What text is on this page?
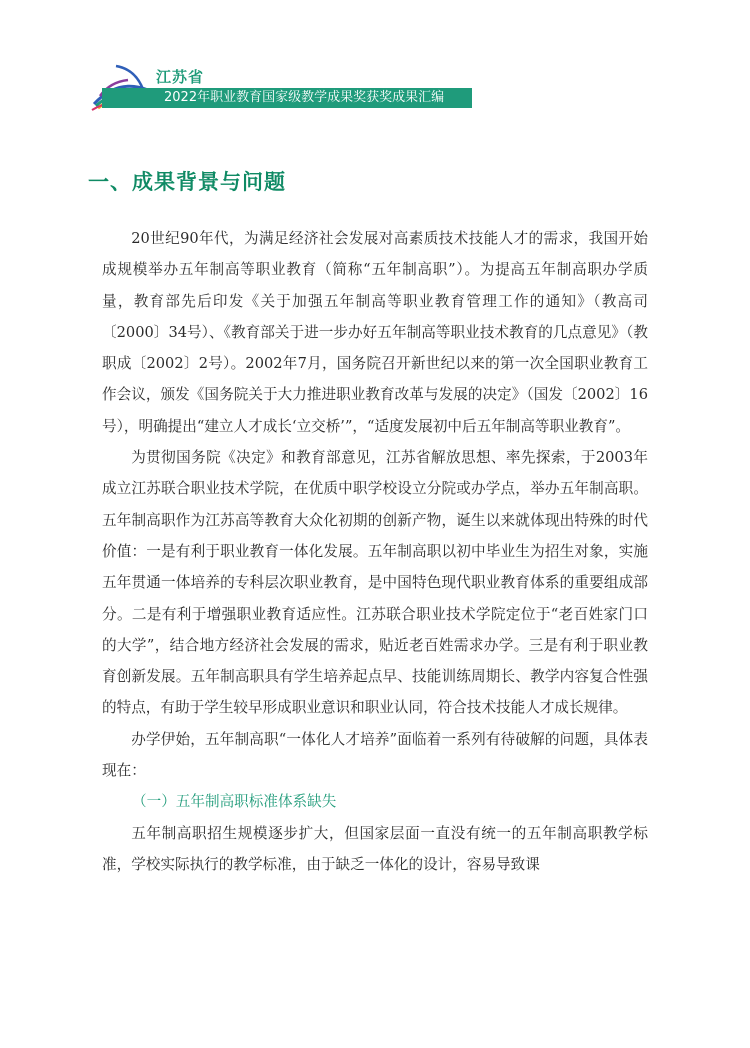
江苏省
2022年职业教育国家级教学成果奖获奖成果汇编
一、成果背景与问题

20世纪90年代，为满足经济社会发展对高素质技术技能人才的需求，我国开始成规模举办五年制高等职业教育（简称“五年制高职”）。为提高五年制高职办学质量，教育部先后印发《关于加强五年制高等职业教育管理工作的通知》（教高司〔2000〕34号）、《教育部关于进一步办好五年制高等职业技术教育的几点意见》（教职成〔2002〕2号）。2002年7月，国务院召开新世纪以来的第一次全国职业教育工作会议，颁发《国务院关于大力推进职业教育改革与发展的决定》（国发〔2002〕16号），明确提出“建立人才成长‘立交桥’”，“适度发展初中后五年制高等职业教育”。

为贯彻国务院《决定》和教育部意见，江苏省解放思想、率先探索，于2003年成立江苏联合职业技术学院，在优质中职学校设立分院或办学点，举办五年制高职。五年制高职作为江苏高等教育大众化初期的创新产物，诞生以来就体现出特殊的时代价值：一是有利于职业教育一体化发展。五年制高职以初中毕业生为招生对象，实施五年贯通一体培养的专科层次职业教育，是中国特色现代职业教育体系的重要组成部分。二是有利于增强职业教育适应性。江苏联合职业技术学院定位于“老百姓家门口的大学”，结合地方经济社会发展的需求，贴近老百姓需求办学。三是有利于职业教育创新发展。五年制高职具有学生培养起点早、技能训练周期长、教学内容复合性强的特点，有助于学生较早形成职业意识和职业认同，符合技术技能人才成长规律。

办学伊始，五年制高职“一体化人才培养”面临着一系列有待破解的问题，具体表现在：

（一）五年制高职标准体系缺失

五年制高职招生规模逐步扩大，但国家层面一直没有统一的五年制高职教学标准，学校实际执行的教学标准，由于缺乏一体化的设计，容易导致课
